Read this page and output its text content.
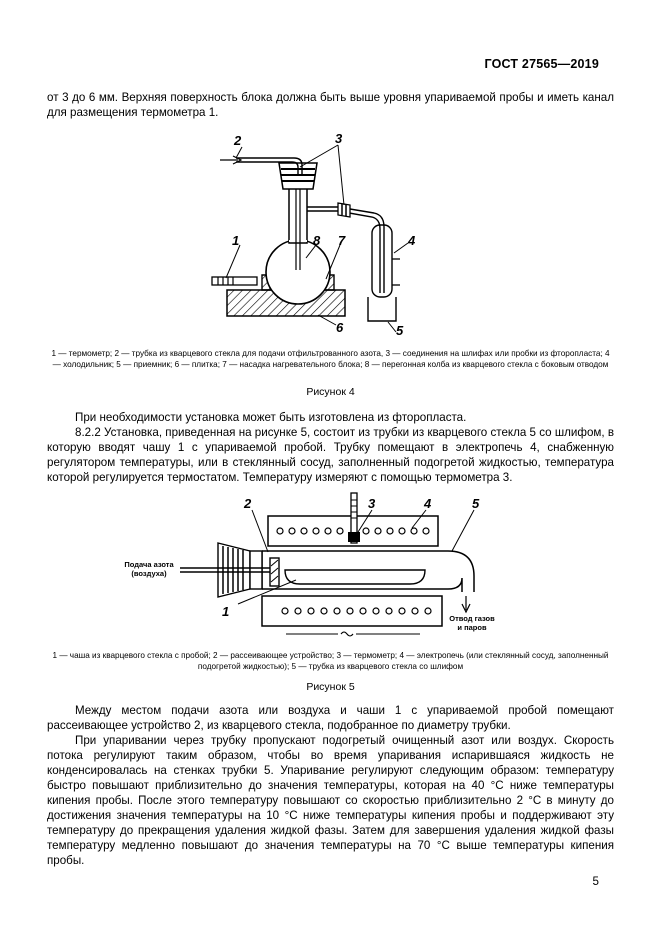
ГОСТ 27565—2019

от 3 до 6 мм. Верхняя поверхность блока должна быть выше уровня упариваемой пробы и иметь канал для размещения термометра 1.

1
2	3
4
5
6
7
8

1 — термометр; 2 — трубка из кварцевого стекла для подачи отфильтрованного азота, 3 — соединения на шлифах или пробки из фторопласта; 4 — холодильник; 5 — приемник; 6 — плитка; 7 — насадка нагревательного блока; 8 — перегонная колба из кварцевого стекла с боковым отводом

Рисунок 4

При необходимости установка может быть изготовлена из фторопласта.

8.2.2 Установка, приведенная на рисунке 5, состоит из трубки из кварцевого стекла 5 со шлифом, в которую вводят чашу 1 с упариваемой пробой. Трубку помещают в электропечь 4, снабженную регулятором температуры, или в стеклянный сосуд, заполненный подогретой жидкостью, температура которой регулируется термостатом. Температуру измеряют с помощью термометра 3.

2	3	4	5
1
Подача азота (воздуха)
Отвод газов и паров

1 — чаша из кварцевого стекла с пробой; 2 — рассеивающее устройство; 3 — термометр; 4 — электропечь (или стеклянный сосуд, заполненный подогретой жидкостью); 5 — трубка из кварцевого стекла со шлифом

Рисунок 5

Между местом подачи азота или воздуха и чаши 1 с упариваемой пробой помещают рассеивающее устройство 2, из кварцевого стекла, подобранное по диаметру трубки.

При упаривании через трубку пропускают подогретый очищенный азот или воздух. Скорость потока регулируют таким образом, чтобы во время упаривания испарившаяся жидкость не конденсировалась на стенках трубки 5. Упаривание регулируют следующим образом: температуру быстро повышают приблизительно до значения температуры, которая на 40 °С ниже температуры кипения пробы. После этого температуру повышают со скоростью приблизительно 2 °С в минуту до достижения значения температуры на 10 °С ниже температуры кипения пробы и поддерживают эту температуру до прекращения удаления жидкой фазы. Затем для завершения удаления жидкой фазы температуру медленно повышают до значения температуры на 70 °С выше температуры кипения пробы.

5
